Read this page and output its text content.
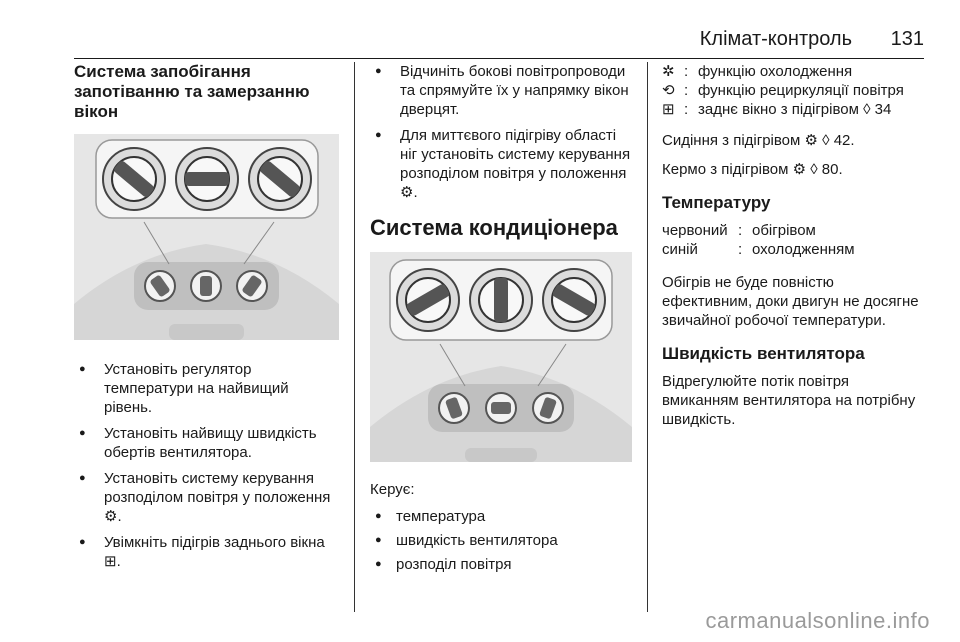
Клімат-контроль 131
Система запобігання запотіванню та замерзанню вікон
● Установіть регулятор температури на найвищий рівень.
● Установіть найвищу швидкість обертів вентилятора.
● Установіть систему керування розподілом повітря у положення ⚙.
● Увімкніть підігрів заднього вікна ⊞.
● Відчиніть бокові повітропроводи та спрямуйте їх у напрямку вікон дверцят.
● Для миттєвого підігріву області ніг установіть систему керування розподілом повітря у положення ⚙.
Система кондиціонера

Керує:

● температура
● швидкість вентилятора
● розподіл повітря
✲ : функцію охолодження
⟲ : функцію рециркуляції повітря
⊞ : заднє вікно з підігрівом ◊ 34

Сидіння з підігрівом ⚙ ◊ 42.

Кермо з підігрівом ⚙ ◊ 80.

Температуру
червоний : обігрівом
синій	: охолодженням

Обігрів не буде повністю ефективним, доки двигун не досягне звичайної робочої температури.

Швидкість вентилятора

Відрегулюйте потік повітря вмиканням вентилятора на потрібну швидкість.

carmanualsonline.info
